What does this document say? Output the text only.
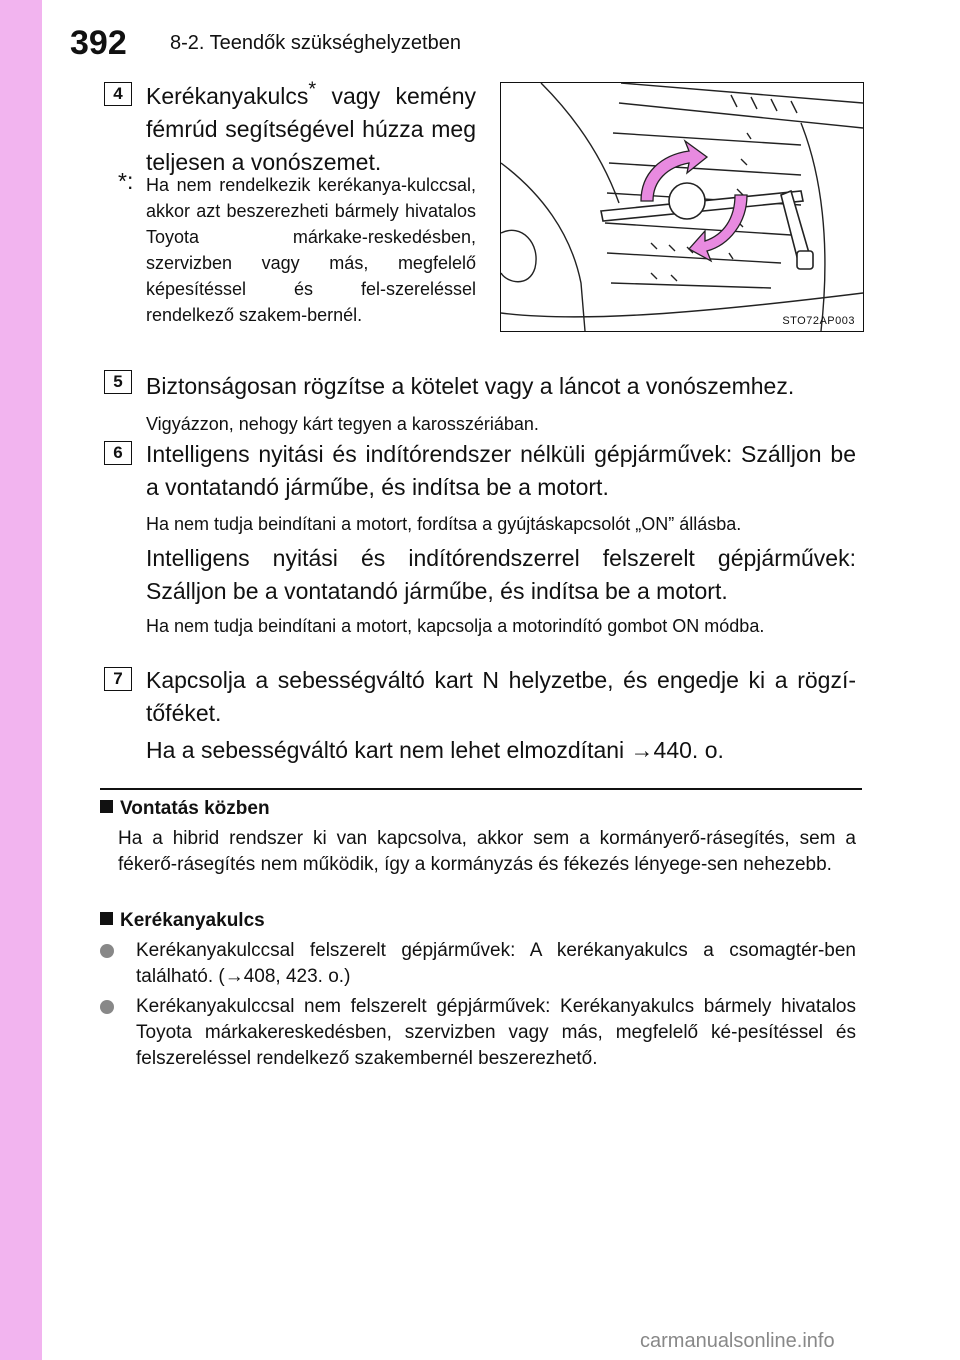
392 8-2. Teendők szükséghelyzetben
4	Kerékanyakulcs* vagy kemény fémrúd segítségével húzza meg teljesen a vonószemet.
*: Ha nem rendelkezik kerékanya-kulccsal, akkor azt beszerezheti bármely hivatalos Toyota márkake-reskedésben, szervizben vagy más, megfelelő képesítéssel és fel-szereléssel rendelkező szakem-bernél.	STO72AP003
5	Biztonságosan rögzítse a kötelet vagy a láncot a vonószemhez.
Vigyázzon, nehogy kárt tegyen a karosszériában.
6	Intelligens nyitási és indítórendszer nélküli gépjárművek: Szálljon be a vontatandó járműbe, és indítsa be a motort.
Ha nem tudja beindítani a motort, fordítsa a gyújtáskapcsolót „ON” állásba.
Intelligens nyitási és indítórendszerrel felszerelt gépjárművek: Szálljon be a vontatandó járműbe, és indítsa be a motort.
Ha nem tudja beindítani a motort, kapcsolja a motorindító gombot ON módba.
7	Kapcsolja a sebességváltó kart N helyzetbe, és engedje ki a rögzí-tőféket.
Ha a sebességváltó kart nem lehet elmozdítani →440. o.
Vontatás közben
Ha a hibrid rendszer ki van kapcsolva, akkor sem a kormányerő-rásegítés, sem a fékerő-rásegítés nem működik, így a kormányzás és fékezés lényege-sen nehezebb.
Kerékanyakulcs
Kerékanyakulccsal felszerelt gépjárművek: A kerékanyakulcs a csomagtér-ben található. (→408, 423. o.)
Kerékanyakulccsal nem felszerelt gépjárművek: Kerékanyakulcs bármely hivatalos Toyota márkakereskedésben, szervizben vagy más, megfelelő ké-pesítéssel és felszereléssel rendelkező szakembernél beszerezhető.
carmanualsonline.info
